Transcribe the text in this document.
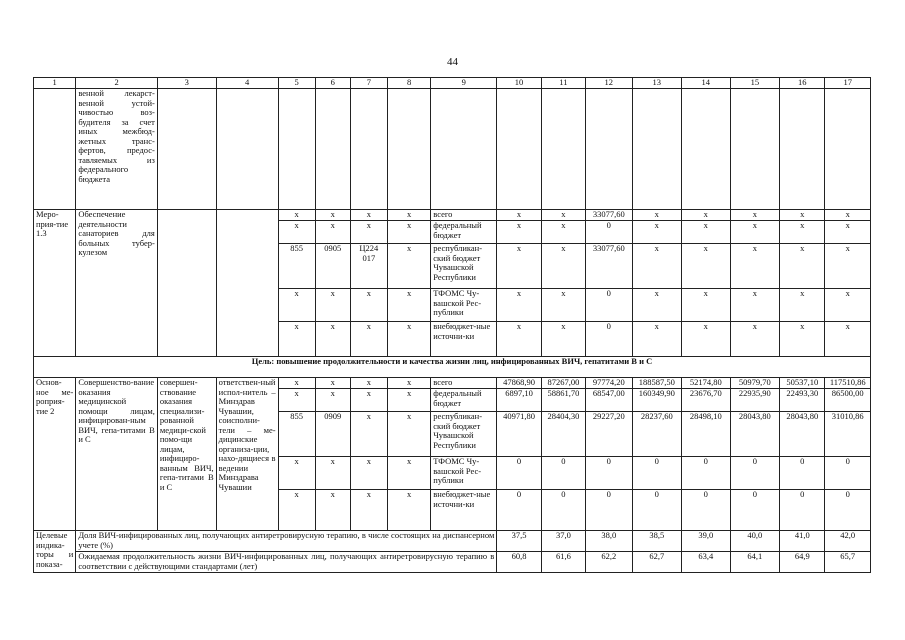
44
1	2	3	4	5	6	7	8	9	10	11	12	13	14	15	16	17
	венной лекарст-венной устой-чивостью воз-будителя за счет иных межбюд-жетных транс-фертов, предос-тавляемых из федерального бюджета															
Меро-прия-тие 1.3	Обеспечение деятельности санаториев для больных тубер-кулезом			x	x	x	x	всего	x	x	33077,60	x	x	x	x	x
				x	x	x	x	федеральный бюджет	x	x	0	x	x	x	x	x
				855	0905	Ц224 017	x	республикан-ский бюджет Чувашской Республики	x	x	33077,60	x	x	x	x	x
				x	x	x	x	ТФОМС Чу-вашской Рес-публики	x	x	0	x	x	x	x	x
				x	x	x	x	внебюджет-ные источни-ки	x	x	0	x	x	x	x	x
Цель: повышение продолжительности и качества жизни лиц, инфицированных ВИЧ, гепатитами В и С																
Основ-ное ме-роприя-тие 2	Совершенство-вание оказания медицинской помощи лицам, инфицирован-ным ВИЧ, гепа-титами В и С	совершен-ствование оказания специализи-рованной медици-ской помо-щи лицам, инфициро-ванным ВИЧ, гепа-титами В и С	ответствен-ный испол-нитель – Минздрав Чувашии, соисполни-тели – ме-дицинские организа-ции, нахо-дящиеся в ведении Минздрава Чувашии	x	x	x	x	всего	47868,90	87267,00	97774,20	188587,50	52174,80	50979,70	50537,10	117510,86
				x	x	x	x	федеральный бюджет	6897,10	58861,70	68547,00	160349,90	23676,70	22935,90	22493,30	86500,00
				855	0909	x	x	республикан-ский бюджет Чувашской Республики	40971,80	28404,30	29227,20	28237,60	28498,10	28043,80	28043,80	31010,86
				x	x	x	x	ТФОМС Чу-вашской Рес-публики	0	0	0	0	0	0	0	0
				x	x	x	x	внебюджет-ные источни-ки	0	0	0	0	0	0	0	0
Целевые индика-торы и показа-	Доля ВИЧ-инфицированных лиц, получающих антиретровирусную терапию, в числе состоящих на диспансерном учете (%)								37,5	37,0	38,0	38,5	39,0	40,0	41,0	42,0
	Ожидаемая продолжительность жизни ВИЧ-инфицированных лиц, получающих антиретровирусную терапию в соответствии с действующими стандартами (лет)								60,8	61,6	62,2	62,7	63,4	64,1	64,9	65,7
